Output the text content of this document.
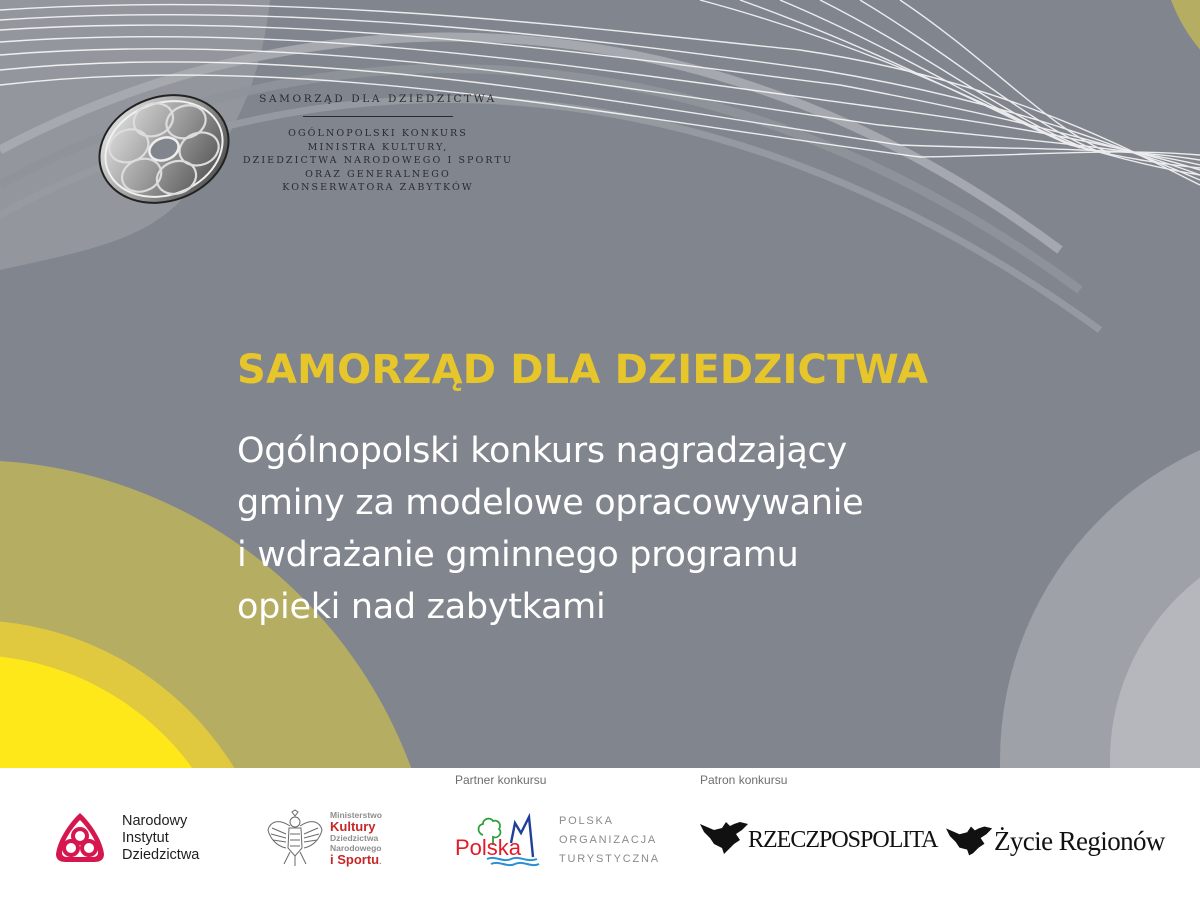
SAMORZĄD DLA DZIEDZICTWA
OGÓLNOPOLSKI KONKURS
MINISTRA KULTURY,
DZIEDZICTWA NARODOWEGO I SPORTU
ORAZ GENERALNEGO
KONSERWATORA ZABYTKÓW
SAMORZĄD DLA DZIEDZICTWA
Ogólnopolski konkurs nagradzający
gminy za modelowe opracowywanie
i wdrażanie gminnego programu
opieki nad zabytkami
Partner konkursu	Patron konkursu
Narodowy
Instytut
Dziedzictwa
Ministerstwo
Kultury
Dziedzictwa
Narodowego
i Sportu.
Polska
POLSKA
ORGANIZACJA
TURYSTYCZNA
RZECZPOSPOLITA Życie Regionów
